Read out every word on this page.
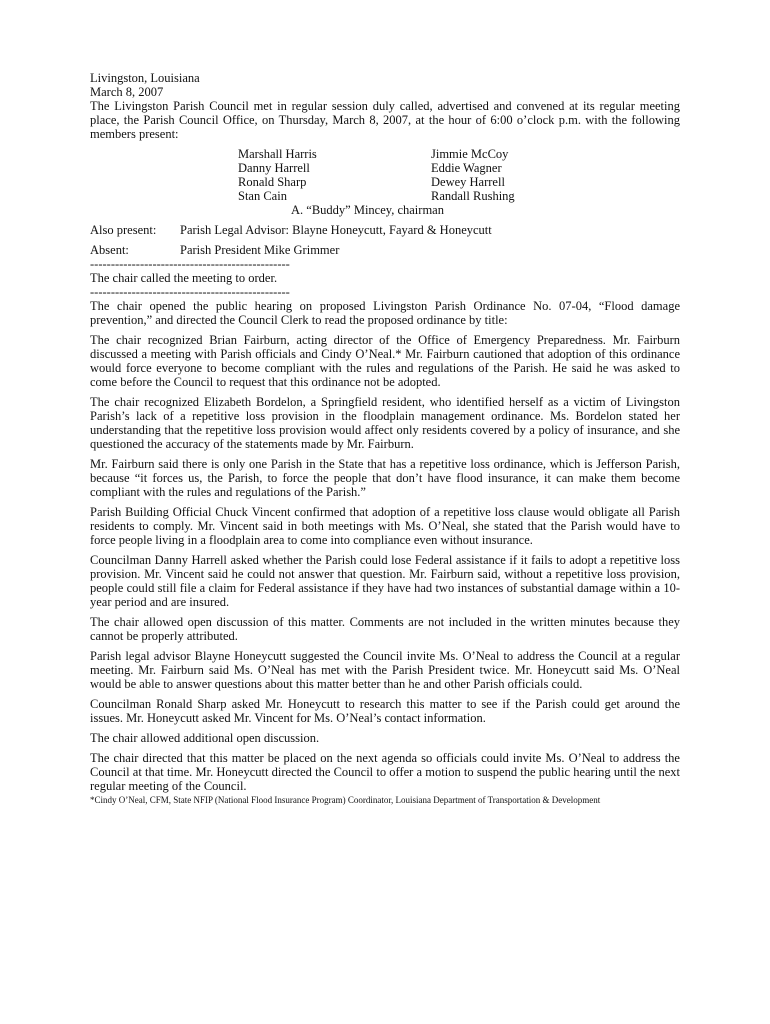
Livingston, Louisiana

March 8, 2007

The Livingston Parish Council met in regular session duly called, advertised and convened at its regular meeting place, the Parish Council Office, on Thursday, March 8, 2007, at the hour of 6:00 o’clock p.m. with the following members present:

Marshall Harris	Jimmie McCoy
Danny Harrell	Eddie Wagner
Ronald Sharp	Dewey Harrell
Stan Cain	Randall Rushing
A. “Buddy” Mincey, chairman
Also present:	Parish Legal Advisor: Blayne Honeycutt, Fayard & Honeycutt
Absent:	Parish President Mike Grimmer

------------------------------------------------

The chair called the meeting to order.

------------------------------------------------

The chair opened the public hearing on proposed Livingston Parish Ordinance No. 07-04, “Flood damage prevention,” and directed the Council Clerk to read the proposed ordinance by title:

The chair recognized Brian Fairburn, acting director of the Office of Emergency Preparedness. Mr. Fairburn discussed a meeting with Parish officials and Cindy O’Neal.* Mr. Fairburn cautioned that adoption of this ordinance would force everyone to become compliant with the rules and regulations of the Parish. He said he was asked to come before the Council to request that this ordinance not be adopted.

The chair recognized Elizabeth Bordelon, a Springfield resident, who identified herself as a victim of Livingston Parish’s lack of a repetitive loss provision in the floodplain management ordinance. Ms. Bordelon stated her understanding that the repetitive loss provision would affect only residents covered by a policy of insurance, and she questioned the accuracy of the statements made by Mr. Fairburn.

Mr. Fairburn said there is only one Parish in the State that has a repetitive loss ordinance, which is Jefferson Parish, because “it forces us, the Parish, to force the people that don’t have flood insurance, it can make them become compliant with the rules and regulations of the Parish.”

Parish Building Official Chuck Vincent confirmed that adoption of a repetitive loss clause would obligate all Parish residents to comply. Mr. Vincent said in both meetings with Ms. O’Neal, she stated that the Parish would have to force people living in a floodplain area to come into compliance even without insurance.

Councilman Danny Harrell asked whether the Parish could lose Federal assistance if it fails to adopt a repetitive loss provision. Mr. Vincent said he could not answer that question. Mr. Fairburn said, without a repetitive loss provision, people could still file a claim for Federal assistance if they have had two instances of substantial damage within a 10-year period and are insured.

The chair allowed open discussion of this matter. Comments are not included in the written minutes because they cannot be properly attributed.

Parish legal advisor Blayne Honeycutt suggested the Council invite Ms. O’Neal to address the Council at a regular meeting. Mr. Fairburn said Ms. O’Neal has met with the Parish President twice. Mr. Honeycutt said Ms. O’Neal would be able to answer questions about this matter better than he and other Parish officials could.

Councilman Ronald Sharp asked Mr. Honeycutt to research this matter to see if the Parish could get around the issues. Mr. Honeycutt asked Mr. Vincent for Ms. O’Neal’s contact information.

The chair allowed additional open discussion.

The chair directed that this matter be placed on the next agenda so officials could invite Ms. O’Neal to address the Council at that time. Mr. Honeycutt directed the Council to offer a motion to suspend the public hearing until the next regular meeting of the Council.

*Cindy O’Neal, CFM, State NFIP (National Flood Insurance Program) Coordinator, Louisiana Department of Transportation & Development
